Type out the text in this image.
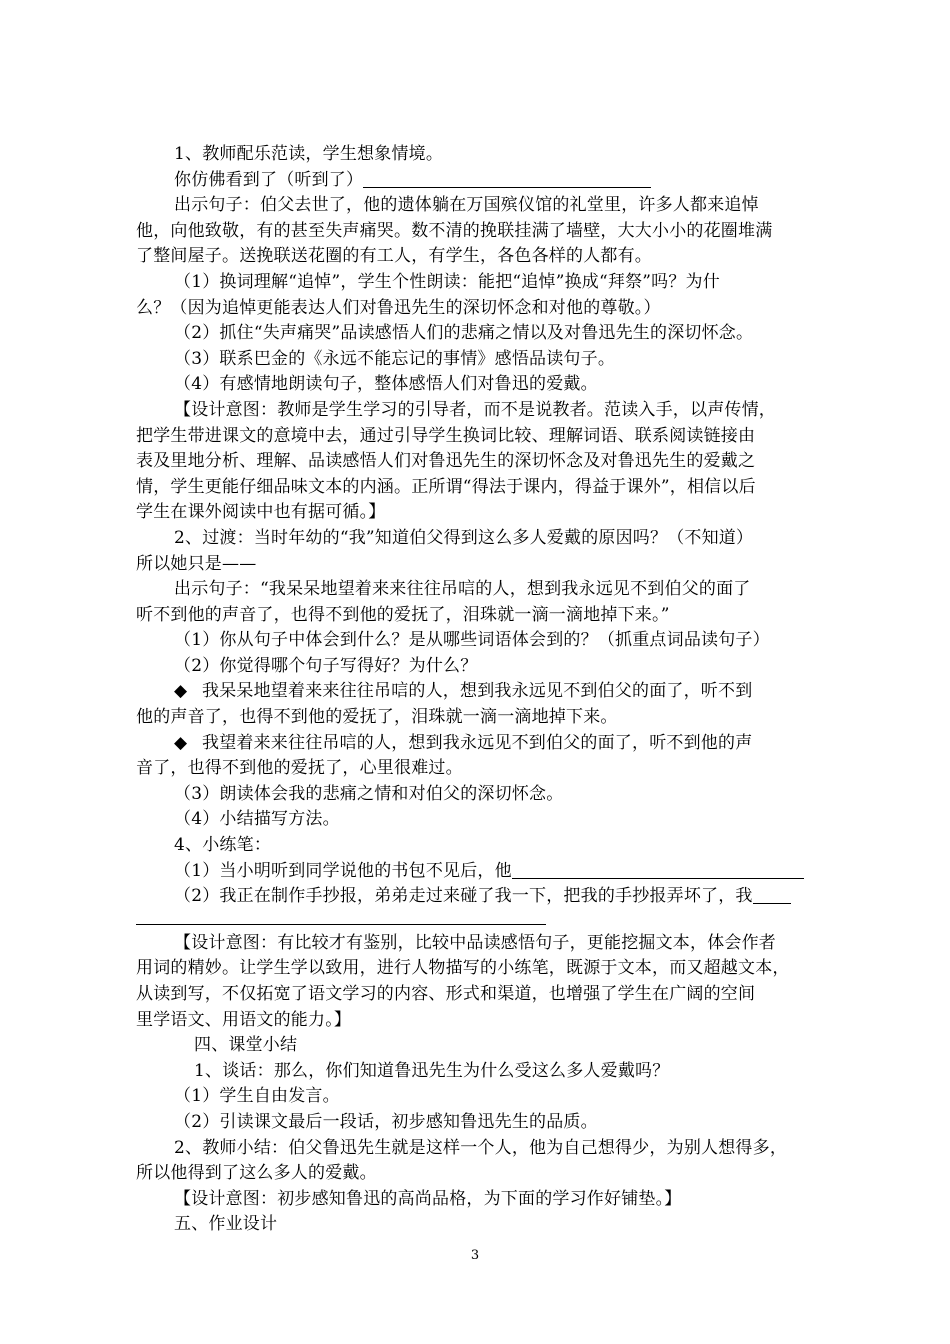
1、教师配乐范读，学生想象情境。
你仿佛看到了（听到了）
出示句子：伯父去世了，他的遗体躺在万国殡仪馆的礼堂里，许多人都来追悼
他，向他致敬，有的甚至失声痛哭。数不清的挽联挂满了墙壁，大大小小的花圈堆满
了整间屋子。送挽联送花圈的有工人，有学生，各色各样的人都有。
（1）换词理解“追悼”，学生个性朗读：能把“追悼”换成“拜祭”吗？为什
么？（因为追悼更能表达人们对鲁迅先生的深切怀念和对他的尊敬。）
（2）抓住“失声痛哭”品读感悟人们的悲痛之情以及对鲁迅先生的深切怀念。
（3）联系巴金的《永远不能忘记的事情》感悟品读句子。
（4）有感情地朗读句子，整体感悟人们对鲁迅的爱戴。
【设计意图：教师是学生学习的引导者，而不是说教者。范读入手，以声传情，
把学生带进课文的意境中去，通过引导学生换词比较、理解词语、联系阅读链接由
表及里地分析、理解、品读感悟人们对鲁迅先生的深切怀念及对鲁迅先生的爱戴之
情，学生更能仔细品味文本的内涵。正所谓“得法于课内，得益于课外”，相信以后
学生在课外阅读中也有据可循。】
2、过渡：当时年幼的“我”知道伯父得到这么多人爱戴的原因吗？（不知道）
所以她只是——
出示句子：“我呆呆地望着来来往往吊唁的人，想到我永远见不到伯父的面了
听不到他的声音了，也得不到他的爱抚了，泪珠就一滴一滴地掉下来。”
（1）你从句子中体会到什么？是从哪些词语体会到的？（抓重点词品读句子）
（2）你觉得哪个句子写得好？为什么？
◆ 我呆呆地望着来来往往吊唁的人，想到我永远见不到伯父的面了，听不到
他的声音了，也得不到他的爱抚了，泪珠就一滴一滴地掉下来。
◆ 我望着来来往往吊唁的人，想到我永远见不到伯父的面了，听不到他的声
音了，也得不到他的爱抚了，心里很难过。
（3）朗读体会我的悲痛之情和对伯父的深切怀念。
（4）小结描写方法。
4、小练笔：
（1）当小明听到同学说他的书包不见后，他
（2）我正在制作手抄报，弟弟走过来碰了我一下，把我的手抄报弄坏了，我
【设计意图：有比较才有鉴别，比较中品读感悟句子，更能挖掘文本，体会作者
用词的精妙。让学生学以致用，进行人物描写的小练笔，既源于文本，而又超越文本，
从读到写，不仅拓宽了语文学习的内容、形式和渠道，也增强了学生在广阔的空间
里学语文、用语文的能力。】
四、课堂小结
1、谈话：那么，你们知道鲁迅先生为什么受这么多人爱戴吗？
（1）学生自由发言。
（2）引读课文最后一段话，初步感知鲁迅先生的品质。
2、教师小结：伯父鲁迅先生就是这样一个人，他为自己想得少，为别人想得多，
所以他得到了这么多人的爱戴。
【设计意图：初步感知鲁迅的高尚品格，为下面的学习作好铺垫。】
五、作业设计
3
